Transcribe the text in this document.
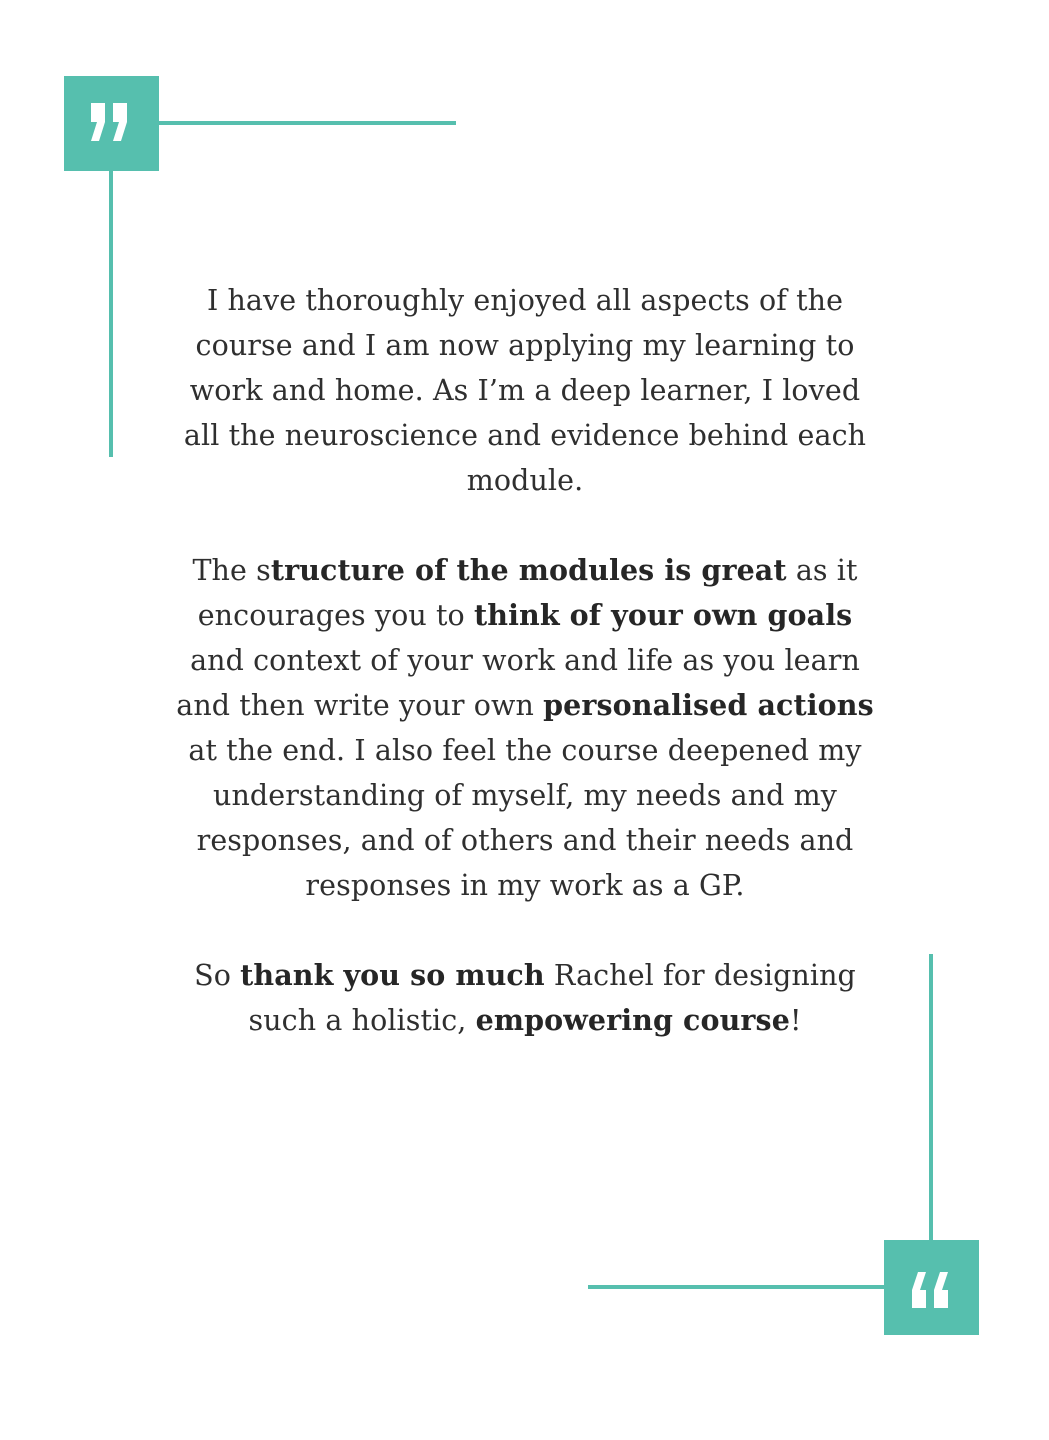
I have thoroughly enjoyed all aspects of the course and I am now applying my learning to work and home. As I’m a deep learner, I loved all the neuroscience and evidence behind each module.

The structure of the modules is great as it encourages you to think of your own goals and context of your work and life as you learn and then write your own personalised actions at the end. I also feel the course deepened my understanding of myself, my needs and my responses, and of others and their needs and responses in my work as a GP.

So thank you so much Rachel for designing such a holistic, empowering course!
